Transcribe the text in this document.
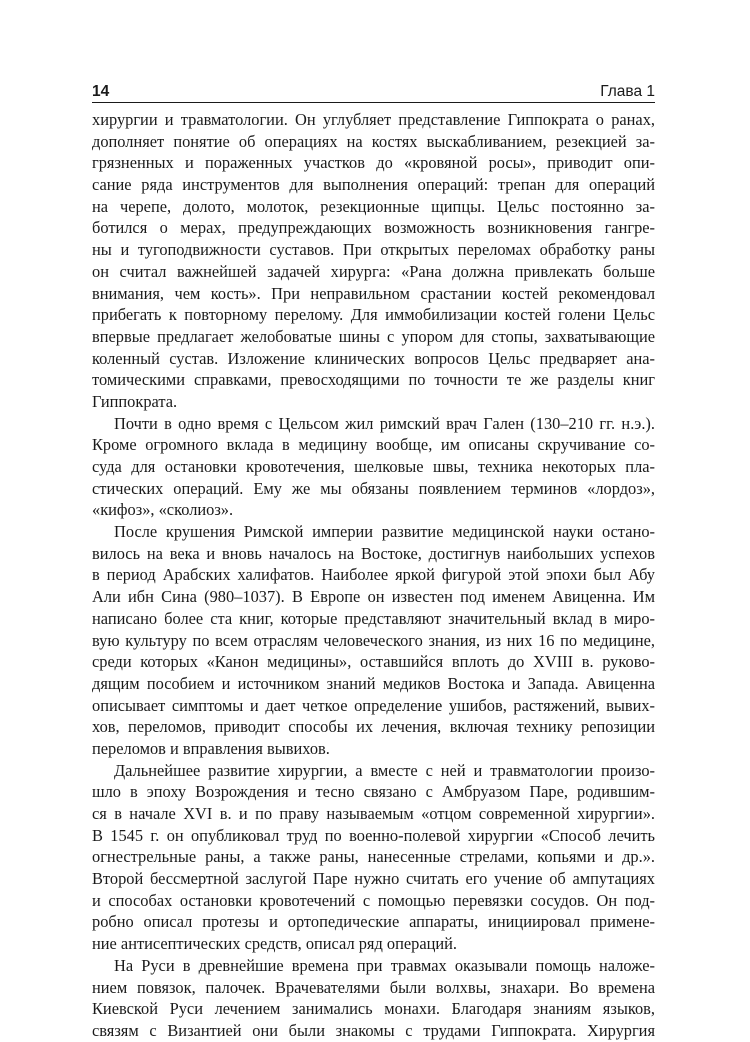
14	Глава 1
хирургии и травматологии. Он углубляет представление Гиппократа о ранах,
дополняет понятие об операциях на костях выскабливанием, резекцией за-
грязненных и пораженных участков до «кровяной росы», приводит опи-
сание ряда инструментов для выполнения операций: трепан для операций
на черепе, долото, молоток, резекционные щипцы. Цельс постоянно за-
ботился о мерах, предупреждающих возможность возникновения гангре-
ны и тугоподвижности суставов. При открытых переломах обработку раны
он считал важнейшей задачей хирурга: «Рана должна привлекать больше
внимания, чем кость». При неправильном срастании костей рекомендовал
прибегать к повторному перелому. Для иммобилизации костей голени Цельс
впервые предлагает желобоватые шины с упором для стопы, захватывающие
коленный сустав. Изложение клинических вопросов Цельс предваряет ана-
томическими справками, превосходящими по точности те же разделы книг
Гиппократа.
Почти в одно время с Цельсом жил римский врач Гален (130–210 гг. н.э.).
Кроме огромного вклада в медицину вообще, им описаны скручивание со-
суда для остановки кровотечения, шелковые швы, техника некоторых пла-
стических операций. Ему же мы обязаны появлением терминов «лордоз»,
«кифоз», «сколиоз».
После крушения Римской империи развитие медицинской науки остано-
вилось на века и вновь началось на Востоке, достигнув наибольших успехов
в период Арабских халифатов. Наиболее яркой фигурой этой эпохи был Абу
Али ибн Сина (980–1037). В Европе он известен под именем Авиценна. Им
написано более ста книг, которые представляют значительный вклад в миро-
вую культуру по всем отраслям человеческого знания, из них 16 по медицине,
среди которых «Канон медицины», оставшийся вплоть до XVIII в. руково-
дящим пособием и источником знаний медиков Востока и Запада. Авиценна
описывает симптомы и дает четкое определение ушибов, растяжений, вывих-
хов, переломов, приводит способы их лечения, включая технику репозиции
переломов и вправления вывихов.
Дальнейшее развитие хирургии, а вместе с ней и травматологии произо-
шло в эпоху Возрождения и тесно связано с Амбруазом Паре, родившим-
ся в начале XVI в. и по праву называемым «отцом современной хирургии».
В 1545 г. он опубликовал труд по военно-полевой хирургии «Способ лечить
огнестрельные раны, а также раны, нанесенные стрелами, копьями и др.».
Второй бессмертной заслугой Паре нужно считать его учение об ампутациях
и способах остановки кровотечений с помощью перевязки сосудов. Он под-
робно описал протезы и ортопедические аппараты, инициировал примене-
ние антисептических средств, описал ряд операций.
На Руси в древнейшие времена при травмах оказывали помощь наложе-
нием повязок, палочек. Врачевателями были волхвы, знахари. Во времена
Киевской Руси лечением занимались монахи. Благодаря знаниям языков,
связям с Византией они были знакомы с трудами Гиппократа. Хирургия
